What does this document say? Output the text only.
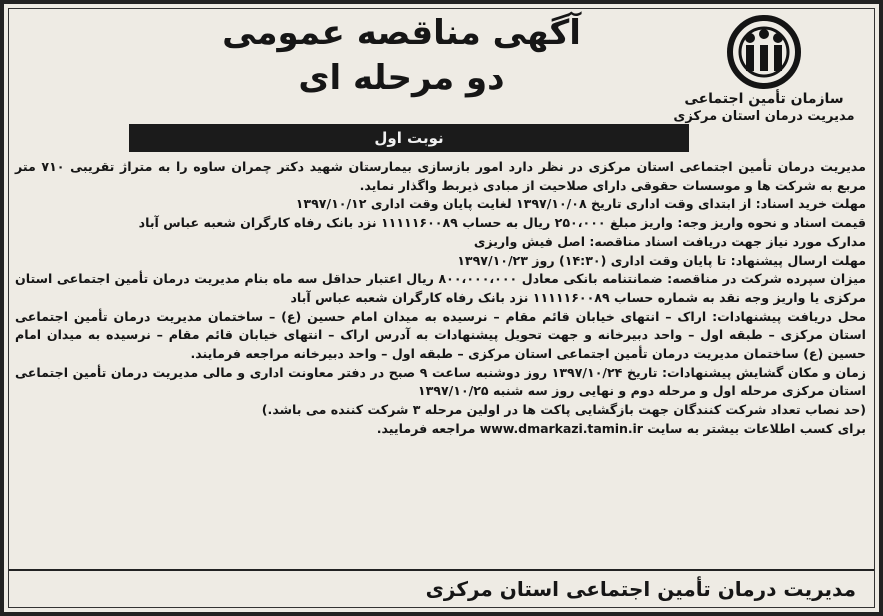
سازمان تأمین اجتماعی
مدیریت درمان استان مرکزی
آگهی مناقصه عمومی
دو مرحله ای
نوبت اول

مدیریت درمان تأمین اجتماعی استان مرکزی در نظر دارد امور بازسازی بیمارستان شهید دکتر چمران ساوه را به متراژ تقریبی ۷۱۰ متر مربع به شرکت ها و موسسات حقوقی دارای صلاحیت از مبادی ذیربط واگذار نماید.

مهلت خرید اسناد: از ابتدای وقت اداری تاریخ ۱۳۹۷/۱۰/۰۸ لغایت پایان وقت اداری ۱۳۹۷/۱۰/۱۲

قیمت اسناد و نحوه واریز وجه: واریز مبلغ ۲۵۰،۰۰۰ ریال به حساب ۱۱۱۱۱۶۰۰۸۹ نزد بانک رفاه کارگران شعبه عباس آباد

مدارک مورد نیاز جهت دریافت اسناد مناقصه: اصل فیش واریزی

مهلت ارسال پیشنهاد: تا پایان وقت اداری (۱۴:۳۰) روز ۱۳۹۷/۱۰/۲۳

میزان سپرده شرکت در مناقصه: ضمانتنامه بانکی معادل ۸۰۰،۰۰۰،۰۰۰ ریال اعتبار حداقل سه ماه بنام مدیریت درمان تأمین اجتماعی استان مرکزی یا واریز وجه نقد به شماره حساب ۱۱۱۱۱۶۰۰۸۹ نزد بانک رفاه کارگران شعبه عباس آباد

محل دریافت پیشنهادات: اراک – انتهای خیابان قائم مقام – نرسیده به میدان امام حسین (ع) – ساختمان مدیریت درمان تأمین اجتماعی استان مرکزی – طبقه اول – واحد دبیرخانه و جهت تحویل پیشنهادات به آدرس اراک – انتهای خیابان قائم مقام – نرسیده به میدان امام حسین (ع) ساختمان مدیریت درمان تأمین اجتماعی استان مرکزی – طبقه اول – واحد دبیرخانه مراجعه فرمایند.

زمان و مکان گشایش پیشنهادات: تاریخ ۱۳۹۷/۱۰/۲۴ روز دوشنبه ساعت ۹ صبح در دفتر معاونت اداری و مالی مدیریت درمان تأمین اجتماعی استان مرکزی مرحله اول و مرحله دوم و نهایی روز سه شنبه ۱۳۹۷/۱۰/۲۵

(حد نصاب تعداد شرکت کنندگان جهت بازگشایی پاکت ها در اولین مرحله ۳ شرکت کننده می باشد.)

برای کسب اطلاعات بیشتر به سایت www.dmarkazi.tamin.ir مراجعه فرمایید.

مدیریت درمان تأمین اجتماعی استان مرکزی
